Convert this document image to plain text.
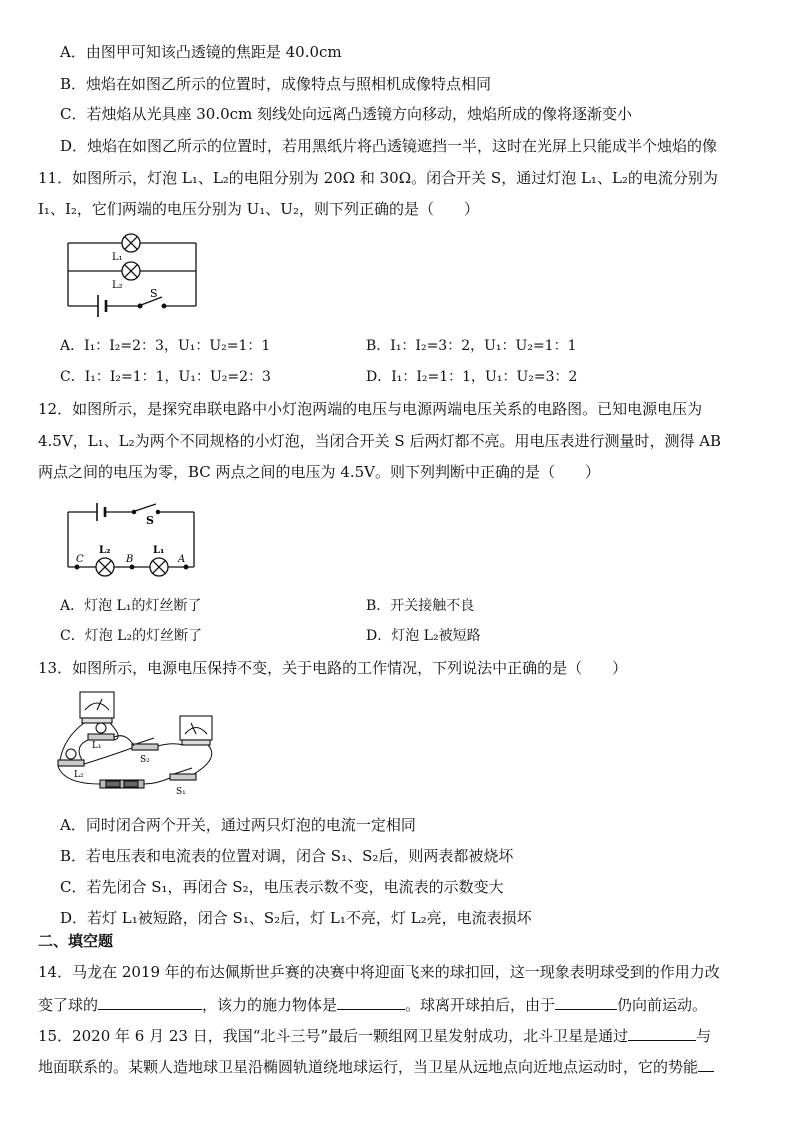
A．由图甲可知该凸透镜的焦距是 40.0cm
B．烛焰在如图乙所示的位置时，成像特点与照相机成像特点相同
C．若烛焰从光具座 30.0cm 刻线处向远离凸透镜方向移动，烛焰所成的像将逐渐变小
D．烛焰在如图乙所示的位置时，若用黑纸片将凸透镜遮挡一半，这时在光屏上只能成半个烛焰的像
11．如图所示，灯泡 L₁、L₂的电阻分别为 20Ω 和 30Ω。闭合开关 S，通过灯泡 L₁、L₂的电流分别为
I₁、I₂，它们两端的电压分别为 U₁、U₂，则下列正确的是（　　）
L₁
L₂
S
A．I₁：I₂=2：3，U₁：U₂=1：1	B．I₁：I₂=3：2，U₁：U₂=1：1
C．I₁：I₂=1：1，U₁：U₂=2：3	D．I₁：I₂=1：1，U₁：U₂=3：2
12．如图所示，是探究串联电路中小灯泡两端的电压与电源两端电压关系的电路图。已知电源电压为
4.5V，L₁、L₂为两个不同规格的小灯泡，当闭合开关 S 后两灯都不亮。用电压表进行测量时，测得 AB
两点之间的电压为零，BC 两点之间的电压为 4.5V。则下列判断中正确的是（　　）
S
L₂	L₁
C	B	A
A．灯泡 L₁的灯丝断了	B．开关接触不良
C．灯泡 L₂的灯丝断了	D．灯泡 L₂被短路
13．如图所示，电源电压保持不变，关于电路的工作情况，下列说法中正确的是（　　）
L₁
L₂
S₂
S₁
A．同时闭合两个开关，通过两只灯泡的电流一定相同
B．若电压表和电流表的位置对调，闭合 S₁、S₂后，则两表都被烧坏
C．若先闭合 S₁，再闭合 S₂，电压表示数不变，电流表的示数变大
D．若灯 L₁被短路，闭合 S₁、S₂后，灯 L₁不亮，灯 L₂亮，电流表损坏
二、填空题
14．马龙在 2019 年的布达佩斯世乒赛的决赛中将迎面飞来的球扣回，这一现象表明球受到的作用力改
变了球的	，该力的施力物体是	。球离开球拍后，由于	仍向前运动。
15．2020 年 6 月 23 日，我国“北斗三号”最后一颗组网卫星发射成功，北斗卫星是通过	与
地面联系的。某颗人造地球卫星沿椭圆轨道绕地球运行，当卫星从远地点向近地点运动时，它的势能
